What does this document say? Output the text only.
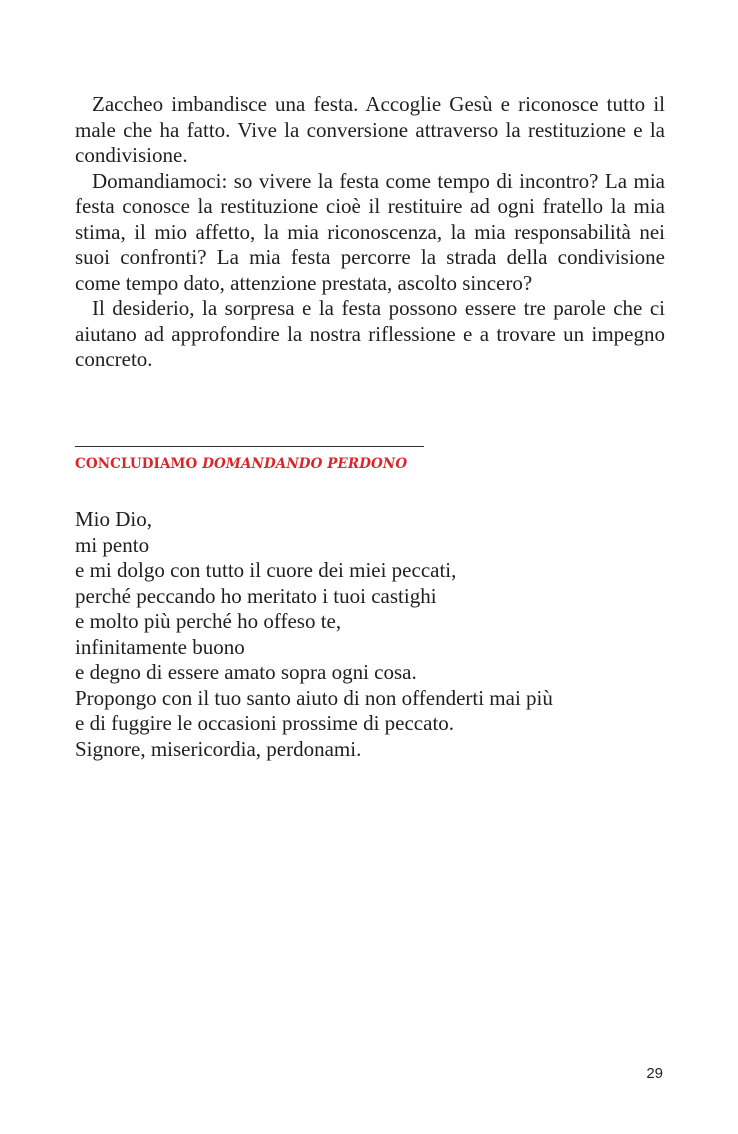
Zaccheo imbandisce una festa. Accoglie Gesù e riconosce tutto il male che ha fatto. Vive la conversione attraverso la restituzione e la condivisione.
Domandiamoci: so vivere la festa come tempo di incontro? La mia festa conosce la restituzione cioè il restituire ad ogni fratello la mia stima, il mio affetto, la mia riconoscenza, la mia responsabilità nei suoi confronti? La mia festa percorre la strada della condivisione come tempo dato, attenzione prestata, ascolto sincero?
Il desiderio, la sorpresa e la festa possono essere tre parole che ci aiutano ad approfondire la nostra riflessione e a trovare un impegno concreto.
CONCLUDIAMO DOMANDANDO PERDONO
Mio Dio,
mi pento
e mi dolgo con tutto il cuore dei miei peccati,
perché peccando ho meritato i tuoi castighi
e molto più perché ho offeso te,
infinitamente buono
e degno di essere amato sopra ogni cosa.
Propongo con il tuo santo aiuto di non offenderti mai più
e di fuggire le occasioni prossime di peccato.
Signore, misericordia, perdonami.
29
